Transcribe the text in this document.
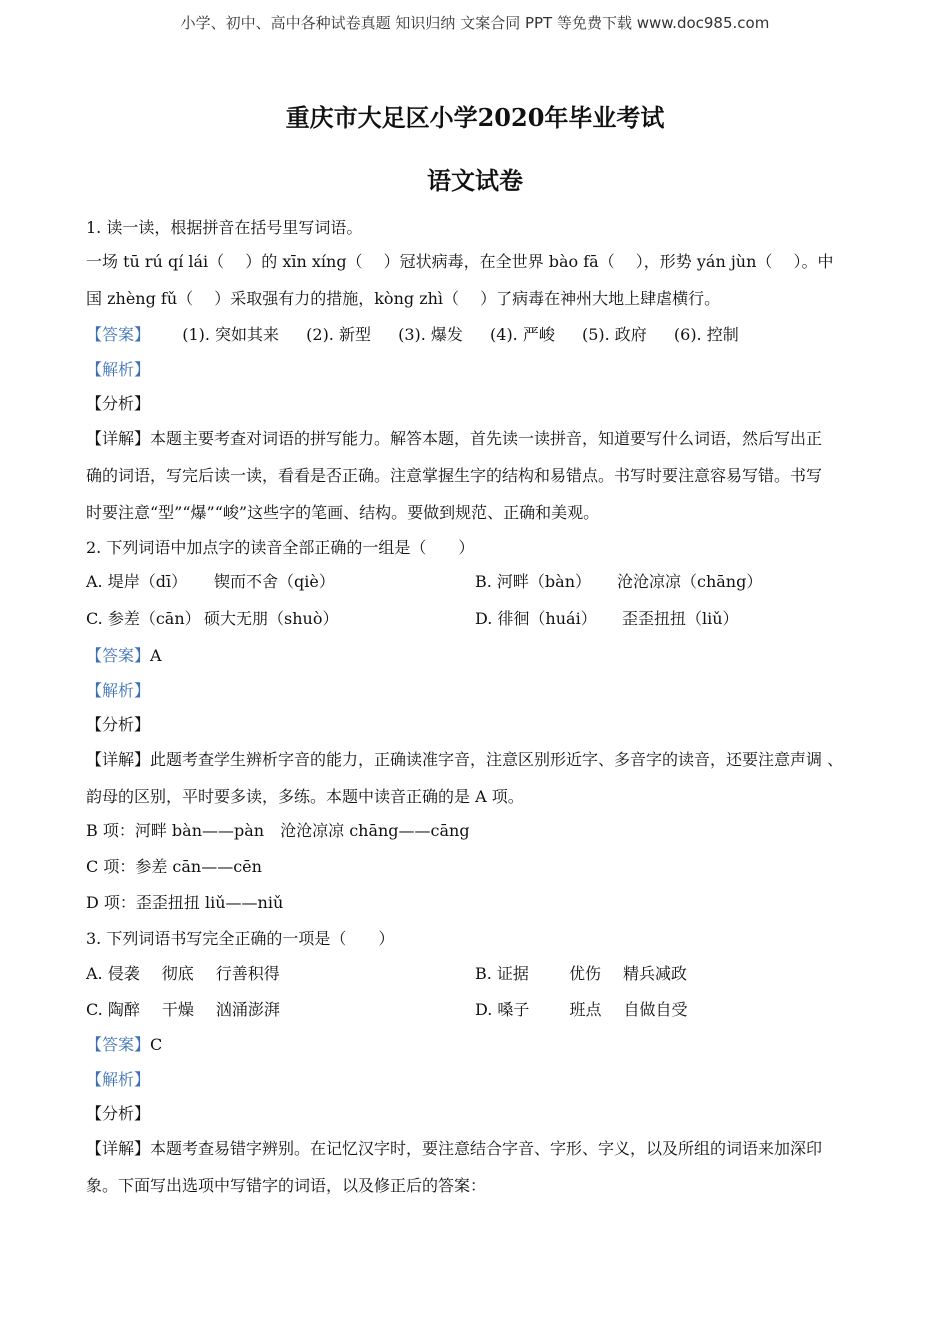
小学、初中、高中各种试卷真题 知识归纳 文案合同 PPT 等免费下载 www.doc985.com
重庆市大足区小学2020年毕业考试
语文试卷
1. 读一读，根据拼音在括号里写词语。
一场 tū rú qí lái（　 ）的 xīn xíng（　 ）冠状病毒，在全世界 bào fā（　 ），形势 yán jùn（　 ）。中
国 zhèng fǔ（　 ）采取强有力的措施，kòng zhì（　 ）了病毒在神州大地上肆虐横行。
【答案】 (1). 突如其来 (2). 新型 (3). 爆发 (4). 严峻 (5). 政府 (6). 控制
【解析】
【分析】
【详解】本题主要考查对词语的拼写能力。解答本题，首先读一读拼音，知道要写什么词语，然后写出正
确的词语，写完后读一读，看看是否正确。注意掌握生字的结构和易错点。书写时要注意容易写错。书写
时要注意“型”“爆”“峻”这些字的笔画、结构。要做到规范、正确和美观。
2. 下列词语中加点字的读音全部正确的一组是（　　）
A. 堤岸（dī） 锲而不舍（qiè）	B. 河畔（bàn） 沧沧凉凉（chāng）
C. 参差（cān） 硕大无朋（shuò）	D. 徘徊（huái） 歪歪扭扭（liǔ）
【答案】A
【解析】
【分析】
【详解】此题考查学生辨析字音的能力，正确读准字音，注意区别形近字、多音字的读音，还要注意声调 、
韵母的区别，平时要多读，多练。本题中读音正确的是 A 项。
B 项：河畔 bàn——pàn　沧沧凉凉 chāng——cāng
C 项：参差 cān——cēn
D 项：歪歪扭扭 liǔ——niǔ
3. 下列词语书写完全正确的一项是（　　）
A. 侵袭 彻底 行善积得	B. 证据	优伤 精兵减政
C. 陶醉 干燥 汹涌澎湃	D. 嗓子	班点 自做自受
【答案】C
【解析】
【分析】
【详解】本题考查易错字辨别。在记忆汉字时，要注意结合字音、字形、字义，以及所组的词语来加深印
象。下面写出选项中写错字的词语，以及修正后的答案：
